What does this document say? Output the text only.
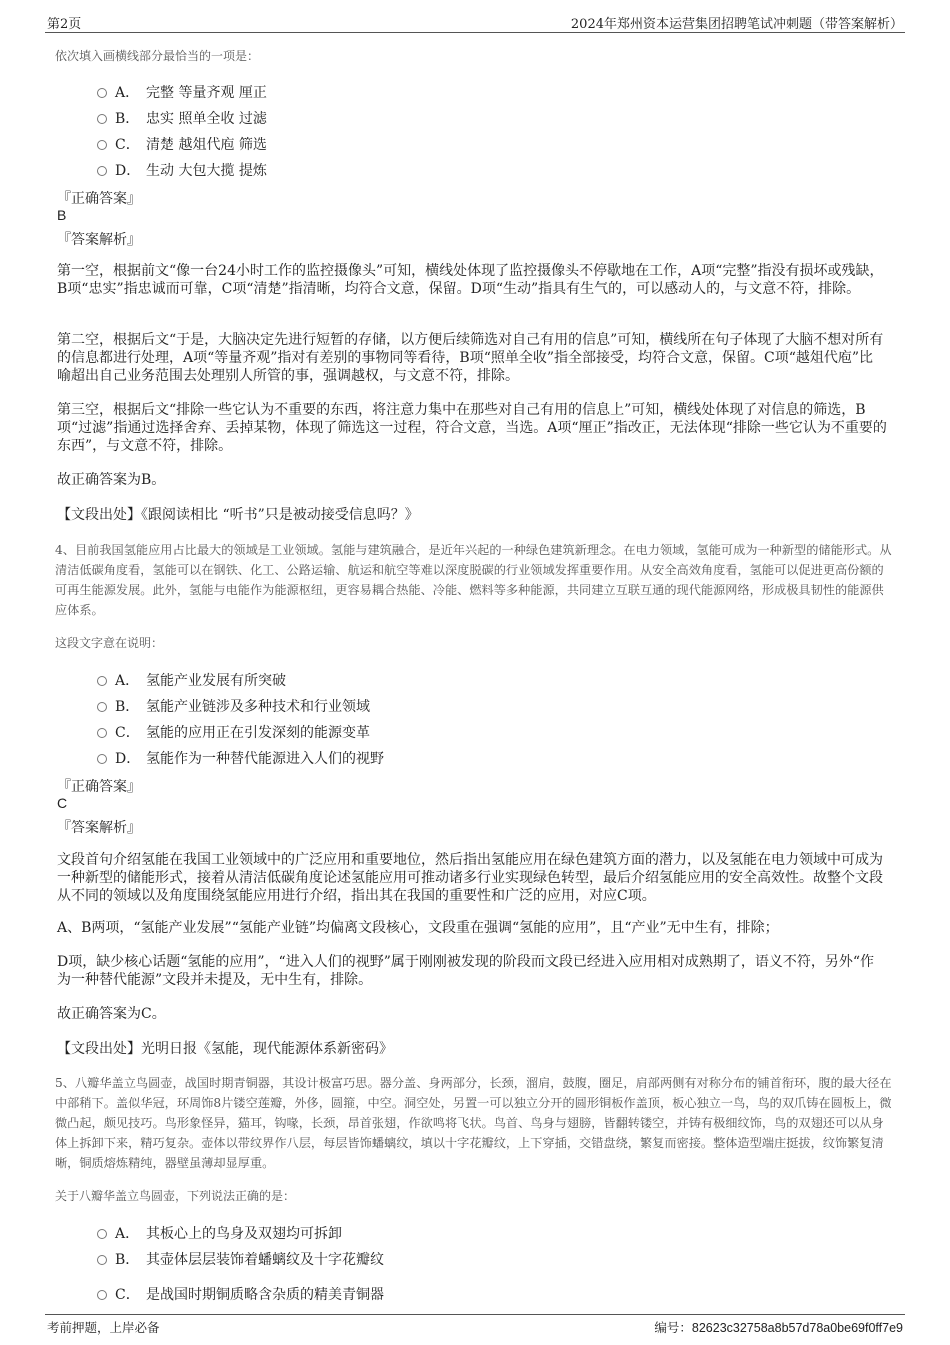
第2页	2024年郑州资本运营集团招聘笔试冲刺题（带答案解析）
依次填入画横线部分最恰当的一项是：
A． 完整 等量齐观 厘正
B． 忠实 照单全收 过滤
C． 清楚 越俎代庖 筛选
D． 生动 大包大揽 提炼
『正确答案』
B
『答案解析』
第一空，根据前文“像一台24小时工作的监控摄像头”可知，横线处体现了监控摄像头不停歇地在工作，A项“完整”指没有损坏或残缺，B项“忠实”指忠诚而可靠，C项“清楚”指清晰，均符合文意，保留。D项“生动”指具有生气的，可以感动人的，与文意不符，排除。
第二空，根据后文“于是，大脑决定先进行短暂的存储，以方便后续筛选对自己有用的信息”可知，横线所在句子体现了大脑不想对所有的信息都进行处理，A项“等量齐观”指对有差别的事物同等看待，B项“照单全收”指全部接受，均符合文意，保留。C项“越俎代庖”比喻超出自己业务范围去处理别人所管的事，强调越权，与文意不符，排除。
第三空，根据后文“排除一些它认为不重要的东西，将注意力集中在那些对自己有用的信息上”可知，横线处体现了对信息的筛选，B项“过滤”指通过选择舍弃、丢掉某物，体现了筛选这一过程，符合文意，当选。A项“厘正”指改正，无法体现“排除一些它认为不重要的东西”，与文意不符，排除。
故正确答案为B。
【文段出处】《跟阅读相比 “听书”只是被动接受信息吗？》
4、目前我国氢能应用占比最大的领域是工业领域。氢能与建筑融合，是近年兴起的一种绿色建筑新理念。在电力领域，氢能可成为一种新型的储能形式。从清洁低碳角度看，氢能可以在钢铁、化工、公路运输、航运和航空等难以深度脱碳的行业领域发挥重要作用。从安全高效角度看，氢能可以促进更高份额的可再生能源发展。此外，氢能与电能作为能源枢纽，更容易耦合热能、冷能、燃料等多种能源，共同建立互联互通的现代能源网络，形成极具韧性的能源供应体系。
这段文字意在说明：
A． 氢能产业发展有所突破
B． 氢能产业链涉及多种技术和行业领域
C． 氢能的应用正在引发深刻的能源变革
D． 氢能作为一种替代能源进入人们的视野
『正确答案』
C
『答案解析』
文段首句介绍氢能在我国工业领域中的广泛应用和重要地位，然后指出氢能应用在绿色建筑方面的潜力，以及氢能在电力领域中可成为一种新型的储能形式，接着从清洁低碳角度论述氢能应用可推动诸多行业实现绿色转型，最后介绍氢能应用的安全高效性。故整个文段从不同的领域以及角度围绕氢能应用进行介绍，指出其在我国的重要性和广泛的应用，对应C项。
A、B两项，“氢能产业发展”“氢能产业链”均偏离文段核心，文段重在强调“氢能的应用”，且“产业”无中生有，排除；
D项，缺少核心话题“氢能的应用”，“进入人们的视野”属于刚刚被发现的阶段而文段已经进入应用相对成熟期了，语义不符，另外“作为一种替代能源”文段并未提及，无中生有，排除。
故正确答案为C。
【文段出处】光明日报《氢能，现代能源体系新密码》
5、八瓣华盖立鸟圆壶，战国时期青铜器，其设计极富巧思。器分盖、身两部分，长颈，溜肩，鼓腹，圈足，肩部两侧有对称分布的铺首衔环，腹的最大径在中部稍下。盖似华冠，环周饰8片镂空莲瓣，外侈，圆箍，中空。洞空处，另置一可以独立分开的圆形铜板作盖顶，板心独立一鸟，鸟的双爪铸在圆板上，微微凸起，颇见技巧。鸟形象怪异，猫耳，钩喙，长颈，昂首张翅，作欲鸣将飞状。鸟首、鸟身与翅膀，皆翻转镂空，并铸有极细纹饰，鸟的双翅还可以从身体上拆卸下来，精巧复杂。壶体以带纹界作八层，每层皆饰蟠螭纹，填以十字花瓣纹，上下穿插，交错盘绕，繁复而密接。整体造型端庄挺拔，纹饰繁复清晰，铜质熔炼精纯，器壁虽薄却显厚重。
关于八瓣华盖立鸟圆壶，下列说法正确的是：
A． 其板心上的鸟身及双翅均可拆卸
B． 其壶体层层装饰着蟠螭纹及十字花瓣纹
C． 是战国时期铜质略含杂质的精美青铜器
考前押题，上岸必备	编号：82623c32758a8b57d78a0be69f0ff7e9
